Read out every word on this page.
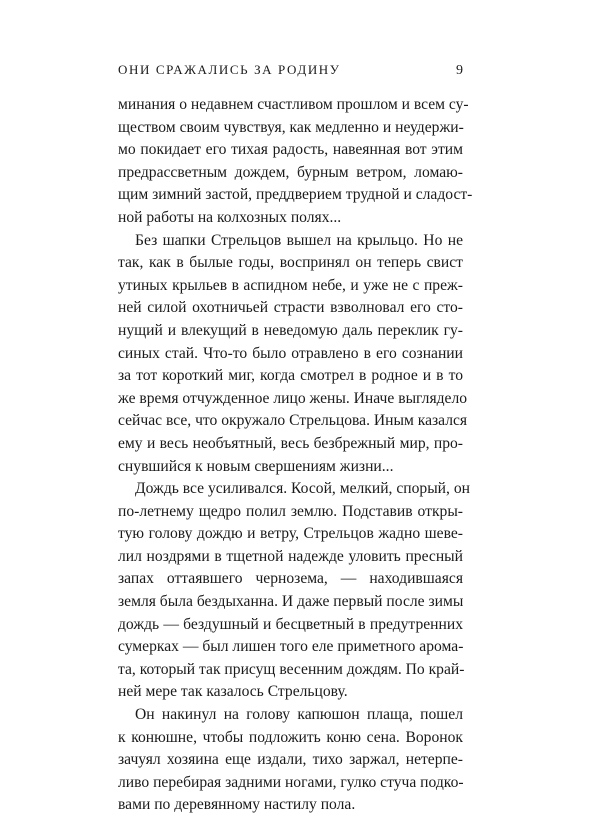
ОНИ СРАЖАЛИСЬ ЗА РОДИНУ	9
минания о недавнем счастливом прошлом и всем су-
ществом своим чувствуя, как медленно и неудержи-
мо покидает его тихая радость, навеянная вот этим
предрассветным дождем, бурным ветром, ломаю-
щим зимний застой, преддверием трудной и сладост-
ной работы на колхозных полях...
Без шапки Стрельцов вышел на крыльцо. Но не
так, как в былые годы, воспринял он теперь свист
утиных крыльев в аспидном небе, и уже не с преж-
ней силой охотничьей страсти взволновал его сто-
нущий и влекущий в неведомую даль переклик гу-
синых стай. Что-то было отравлено в его сознании
за тот короткий миг, когда смотрел в родное и в то
же время отчужденное лицо жены. Иначе выглядело
сейчас все, что окружало Стрельцова. Иным казался
ему и весь необъятный, весь безбрежный мир, про-
снувшийся к новым свершениям жизни...
Дождь все усиливался. Косой, мелкий, спорый, он
по-летнему щедро полил землю. Подставив откры-
тую голову дождю и ветру, Стрельцов жадно шеве-
лил ноздрями в тщетной надежде уловить пресный
запах оттаявшего чернозема, — находившаяся
земля была бездыханна. И даже первый после зимы
дождь — бездушный и бесцветный в предутренних
сумерках — был лишен того еле приметного арома-
та, который так присущ весенним дождям. По край-
ней мере так казалось Стрельцову.
Он накинул на голову капюшон плаща, пошел
к конюшне, чтобы подложить коню сена. Воронок
зачуял хозяина еще издали, тихо заржал, нетерпе-
ливо перебирая задними ногами, гулко стуча подко-
вами по деревянному настилу пола.
